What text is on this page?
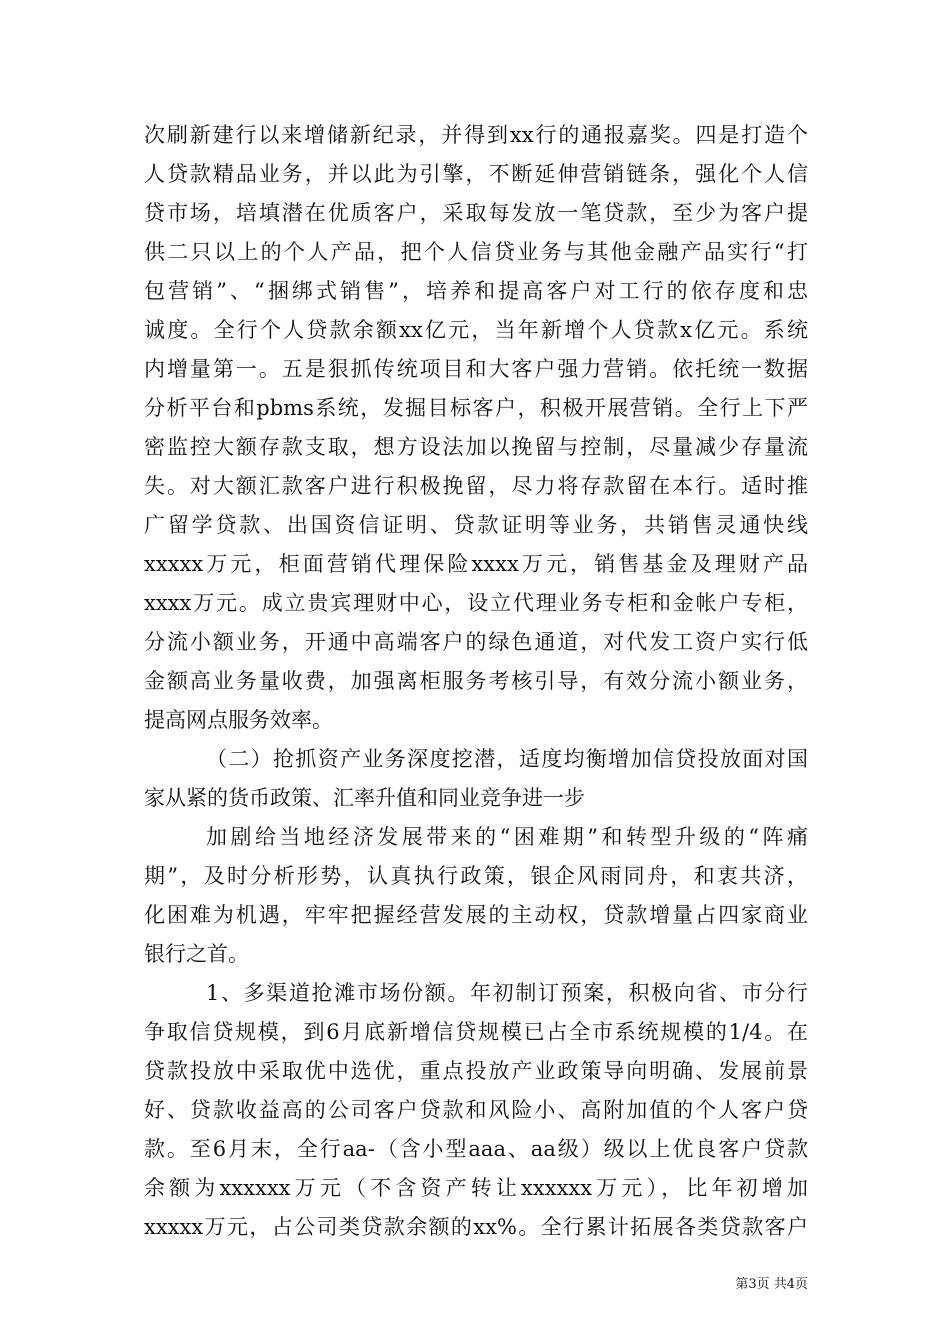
次刷新建行以来增储新纪录，并得到xx行的通报嘉奖。四是打造个
人贷款精品业务，并以此为引擎，不断延伸营销链条，强化个人信
贷市场，培填潜在优质客户，采取每发放一笔贷款，至少为客户提
供二只以上的个人产品，把个人信贷业务与其他金融产品实行“打
包营销”、“捆绑式销售”，培养和提高客户对工行的依存度和忠
诚度。全行个人贷款余额xx亿元，当年新增个人贷款x亿元。系统
内增量第一。五是狠抓传统项目和大客户强力营销。依托统一数据
分析平台和pbms系统，发掘目标客户，积极开展营销。全行上下严
密监控大额存款支取，想方设法加以挽留与控制，尽量减少存量流
失。对大额汇款客户进行积极挽留，尽力将存款留在本行。适时推
广留学贷款、出国资信证明、贷款证明等业务，共销售灵通快线
xxxxx万元，柜面营销代理保险xxxx万元，销售基金及理财产品
xxxx万元。成立贵宾理财中心，设立代理业务专柜和金帐户专柜，
分流小额业务，开通中高端客户的绿色通道，对代发工资户实行低
金额高业务量收费，加强离柜服务考核引导，有效分流小额业务，
提高网点服务效率。
（二）抢抓资产业务深度挖潜，适度均衡增加信贷投放面对国
家从紧的货币政策、汇率升值和同业竞争进一步
加剧给当地经济发展带来的“困难期”和转型升级的“阵痛
期”，及时分析形势，认真执行政策，银企风雨同舟，和衷共济，
化困难为机遇，牢牢把握经营发展的主动权，贷款增量占四家商业
银行之首。
1、多渠道抢滩市场份额。年初制订预案，积极向省、市分行
争取信贷规模，到6月底新增信贷规模已占全市系统规模的1/4。在
贷款投放中采取优中选优，重点投放产业政策导向明确、发展前景
好、贷款收益高的公司客户贷款和风险小、高附加值的个人客户贷
款。至6月末，全行aa-（含小型aaa、aa级）级以上优良客户贷款
余额为xxxxxx万元（不含资产转让xxxxxx万元），比年初增加
xxxxx万元，占公司类贷款余额的xx%。全行累计拓展各类贷款客户
第3页 共4页
